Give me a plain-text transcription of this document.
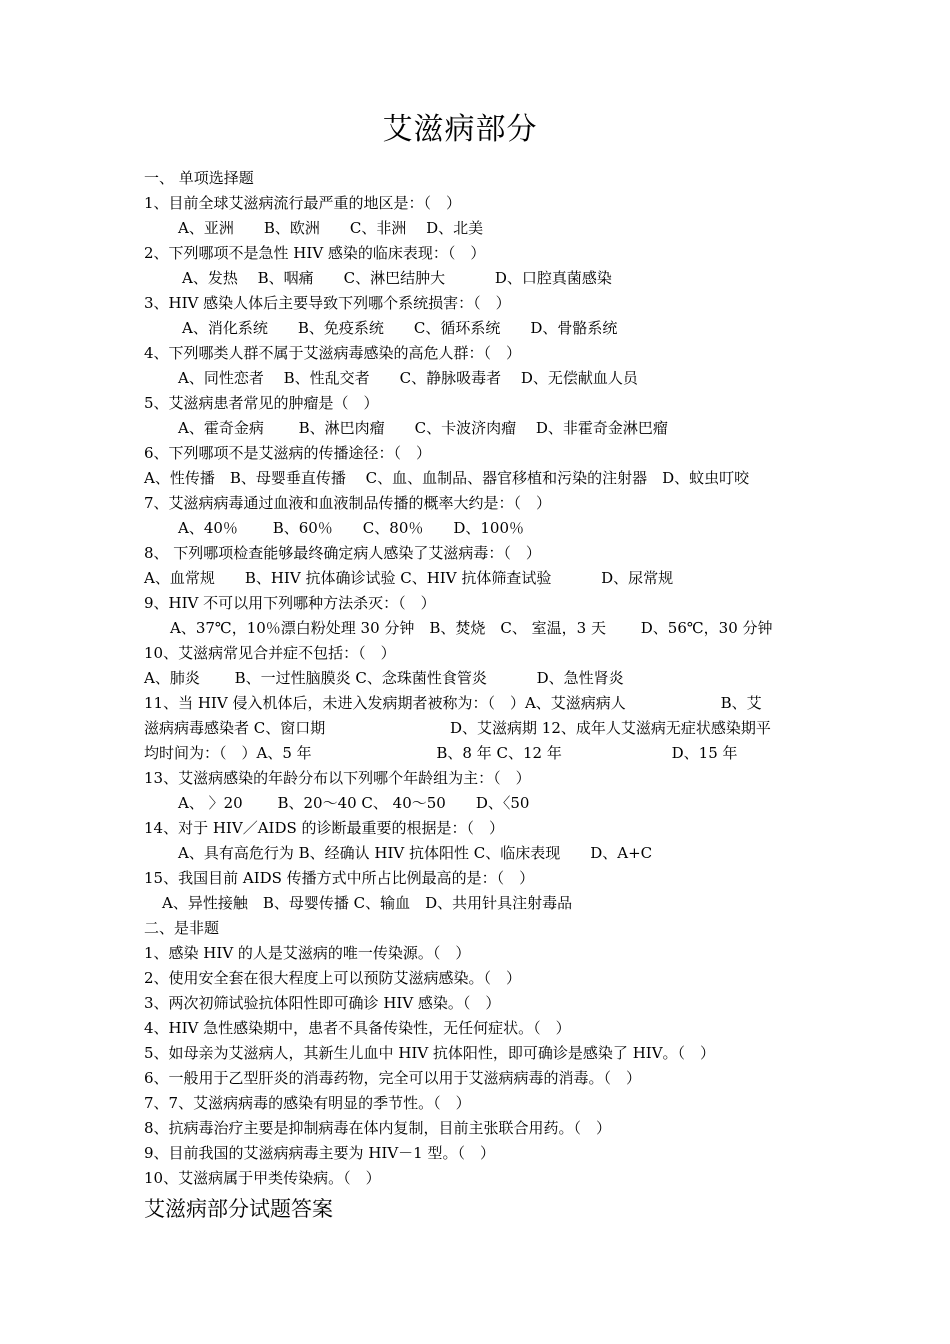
艾滋病部分
一、 单项选择题
1、目前全球艾滋病流行最严重的地区是：（　）
A、亚洲　　B、欧洲　　C、非洲　 D、北美
2、下列哪项不是急性 HIV 感染的临床表现：（　）
A、发热　 B、咽痛　　C、淋巴结肿大　　　 D、口腔真菌感染
3、HIV 感染人体后主要导致下列哪个系统损害：（　）
A、消化系统　　B、免疫系统　　C、循环系统　　D、骨骼系统
4、下列哪类人群不属于艾滋病毒感染的高危人群：（　）
A、同性恋者　 B、性乱交者　　C、静脉吸毒者　 D、无偿献血人员
5、艾滋病患者常见的肿瘤是（　）
A、霍奇金病　　 B、淋巴肉瘤　　C、卡波济肉瘤　 D、非霍奇金淋巴瘤
6、下列哪项不是艾滋病的传播途径：（　）
A、性传播　B、母婴垂直传播　 C、血、血制品、器官移植和污染的注射器　D、蚊虫叮咬
7、艾滋病病毒通过血液和血液制品传播的概率大约是：（　）
A、40％　　 B、60％　　C、80％　　D、100％
8、 下列哪项检查能够最终确定病人感染了艾滋病毒：（　）
A、血常规　　B、HIV 抗体确诊试验 C、HIV 抗体筛查试验　　　 D、尿常规
9、HIV 不可以用下列哪种方法杀灭：（　）
A、37℃，10％漂白粉处理 30 分钟　B、焚烧　C、 室温，3 天　　 D、56℃，30 分钟
10、艾滋病常见合并症不包括：（　）
A、肺炎　　 B、一过性脑膜炎 C、念珠菌性食管炎　　　 D、急性肾炎
11、当 HIV 侵入机体后，未进入发病期者被称为：（　）A、艾滋病病人　　　　　　 B、艾
滋病病毒感染者 C、窗口期　　　　　　　　 D、艾滋病期 12、成年人艾滋病无症状感染期平
均时间为：（　）A、5 年　　　　　　　　 B、8 年 C、12 年　　　　　　　 D、15 年
13、艾滋病感染的年龄分布以下列哪个年龄组为主：（　）
A、 〉20　　 B、20～40 C、 40～50　　D、〈50
14、对于 HIV／AIDS 的诊断最重要的根据是：（　）
A、具有高危行为 B、经确认 HIV 抗体阳性 C、临床表现　　D、A+C
15、我国目前 AIDS 传播方式中所占比例最高的是：（　）
A、异性接触　B、母婴传播 C、输血　D、共用针具注射毒品
二、是非题
1、感染 HIV 的人是艾滋病的唯一传染源。（　）
2、使用安全套在很大程度上可以预防艾滋病感染。（　）
3、两次初筛试验抗体阳性即可确诊 HIV 感染。（　）
4、HIV 急性感染期中，患者不具备传染性，无任何症状。（　）
5、如母亲为艾滋病人，其新生儿血中 HIV 抗体阳性，即可确诊是感染了 HIV。（　）
6、一般用于乙型肝炎的消毒药物，完全可以用于艾滋病病毒的消毒。（　）
7、7、艾滋病病毒的感染有明显的季节性。（　）
8、抗病毒治疗主要是抑制病毒在体内复制，目前主张联合用药。（　）
9、目前我国的艾滋病病毒主要为 HIV－1 型。（　）
10、艾滋病属于甲类传染病。（　）
艾滋病部分试题答案
